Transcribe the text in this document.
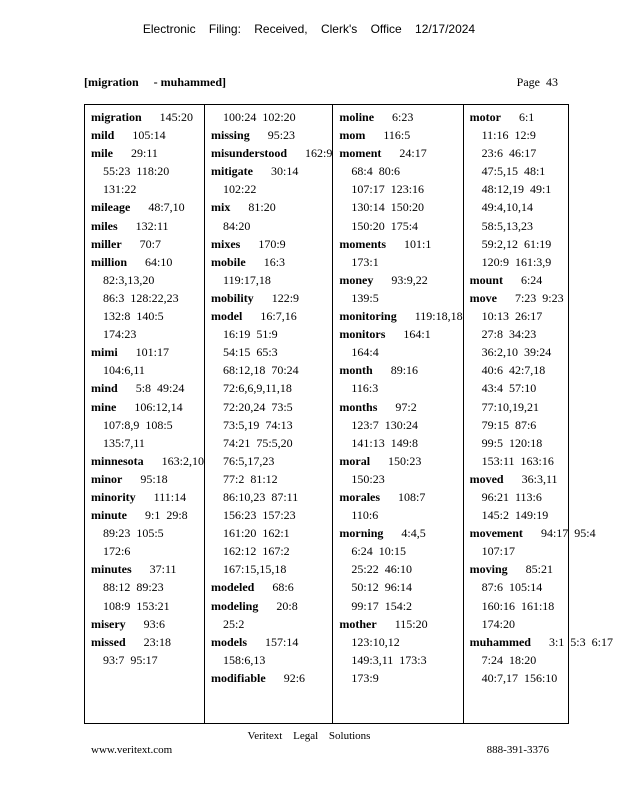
Electronic Filing: Received, Clerk's Office 12/17/2024
[migration     - muhammed]	Page  43
migration 145:20
mild 105:14
mile 29:11
55:23  118:20
131:22
mileage 48:7,10
miles 132:11
miller 70:7
million 64:10
82:3,13,20
86:3  128:22,23
132:8  140:5
174:23
mimi 101:17
104:6,11
mind 5:8  49:24
mine 106:12,14
107:8,9  108:5
135:7,11
minnesota 163:2,10
minor 95:18
minority 111:14
minute 9:1  29:8
89:23  105:5
172:6
minutes 37:11
88:12  89:23
108:9  153:21
misery 93:6
missed 23:18
93:7  95:17
100:24  102:20
missing 95:23
misunderstood 162:9
mitigate 30:14
102:22
mix 81:20
84:20
mixes 170:9
mobile 16:3
119:17,18
mobility 122:9
model 16:7,16
16:19  51:9
54:15  65:3
68:12,18  70:24
72:6,6,9,11,18
72:20,24  73:5
73:5,19  74:13
74:21  75:5,20
76:5,17,23
77:2  81:12
86:10,23  87:11
156:23  157:23
161:20  162:1
162:12  167:2
167:15,15,18
modeled 68:6
modeling 20:8
25:2
models 157:14
158:6,13
modifiable 92:6
moline 6:23
mom 116:5
moment 24:17
68:4  80:6
107:17  123:16
130:14  150:20
150:20  175:4
moments 101:1
173:1
money 93:9,22
139:5
monitoring 119:18,18
monitors 164:1
164:4
month 89:16
116:3
months 97:2
123:7  130:24
141:13  149:8
moral 150:23
150:23
morales 108:7
110:6
morning 4:4,5
6:24  10:15
25:22  46:10
50:12  96:14
99:17  154:2
mother 115:20
123:10,12
149:3,11  173:3
173:9
motor 6:1
11:16  12:9
23:6  46:17
47:5,15  48:1
48:12,19  49:1
49:4,10,14
58:5,13,23
59:2,12  61:19
120:9  161:3,9
mount 6:24
move 7:23  9:23
10:13  26:17
27:8  34:23
36:2,10  39:24
40:6  42:7,18
43:4  57:10
77:10,19,21
79:15  87:6
99:5  120:18
153:11  163:16
moved 36:3,11
96:21  113:6
145:2  149:19
movement 94:17  95:4
107:17
moving 85:21
87:6  105:14
160:16  161:18
174:20
muhammed 3:1  5:3  6:17
7:24  18:20
40:7,17  156:10
Veritext Legal Solutions
www.veritext.com	888-391-3376
